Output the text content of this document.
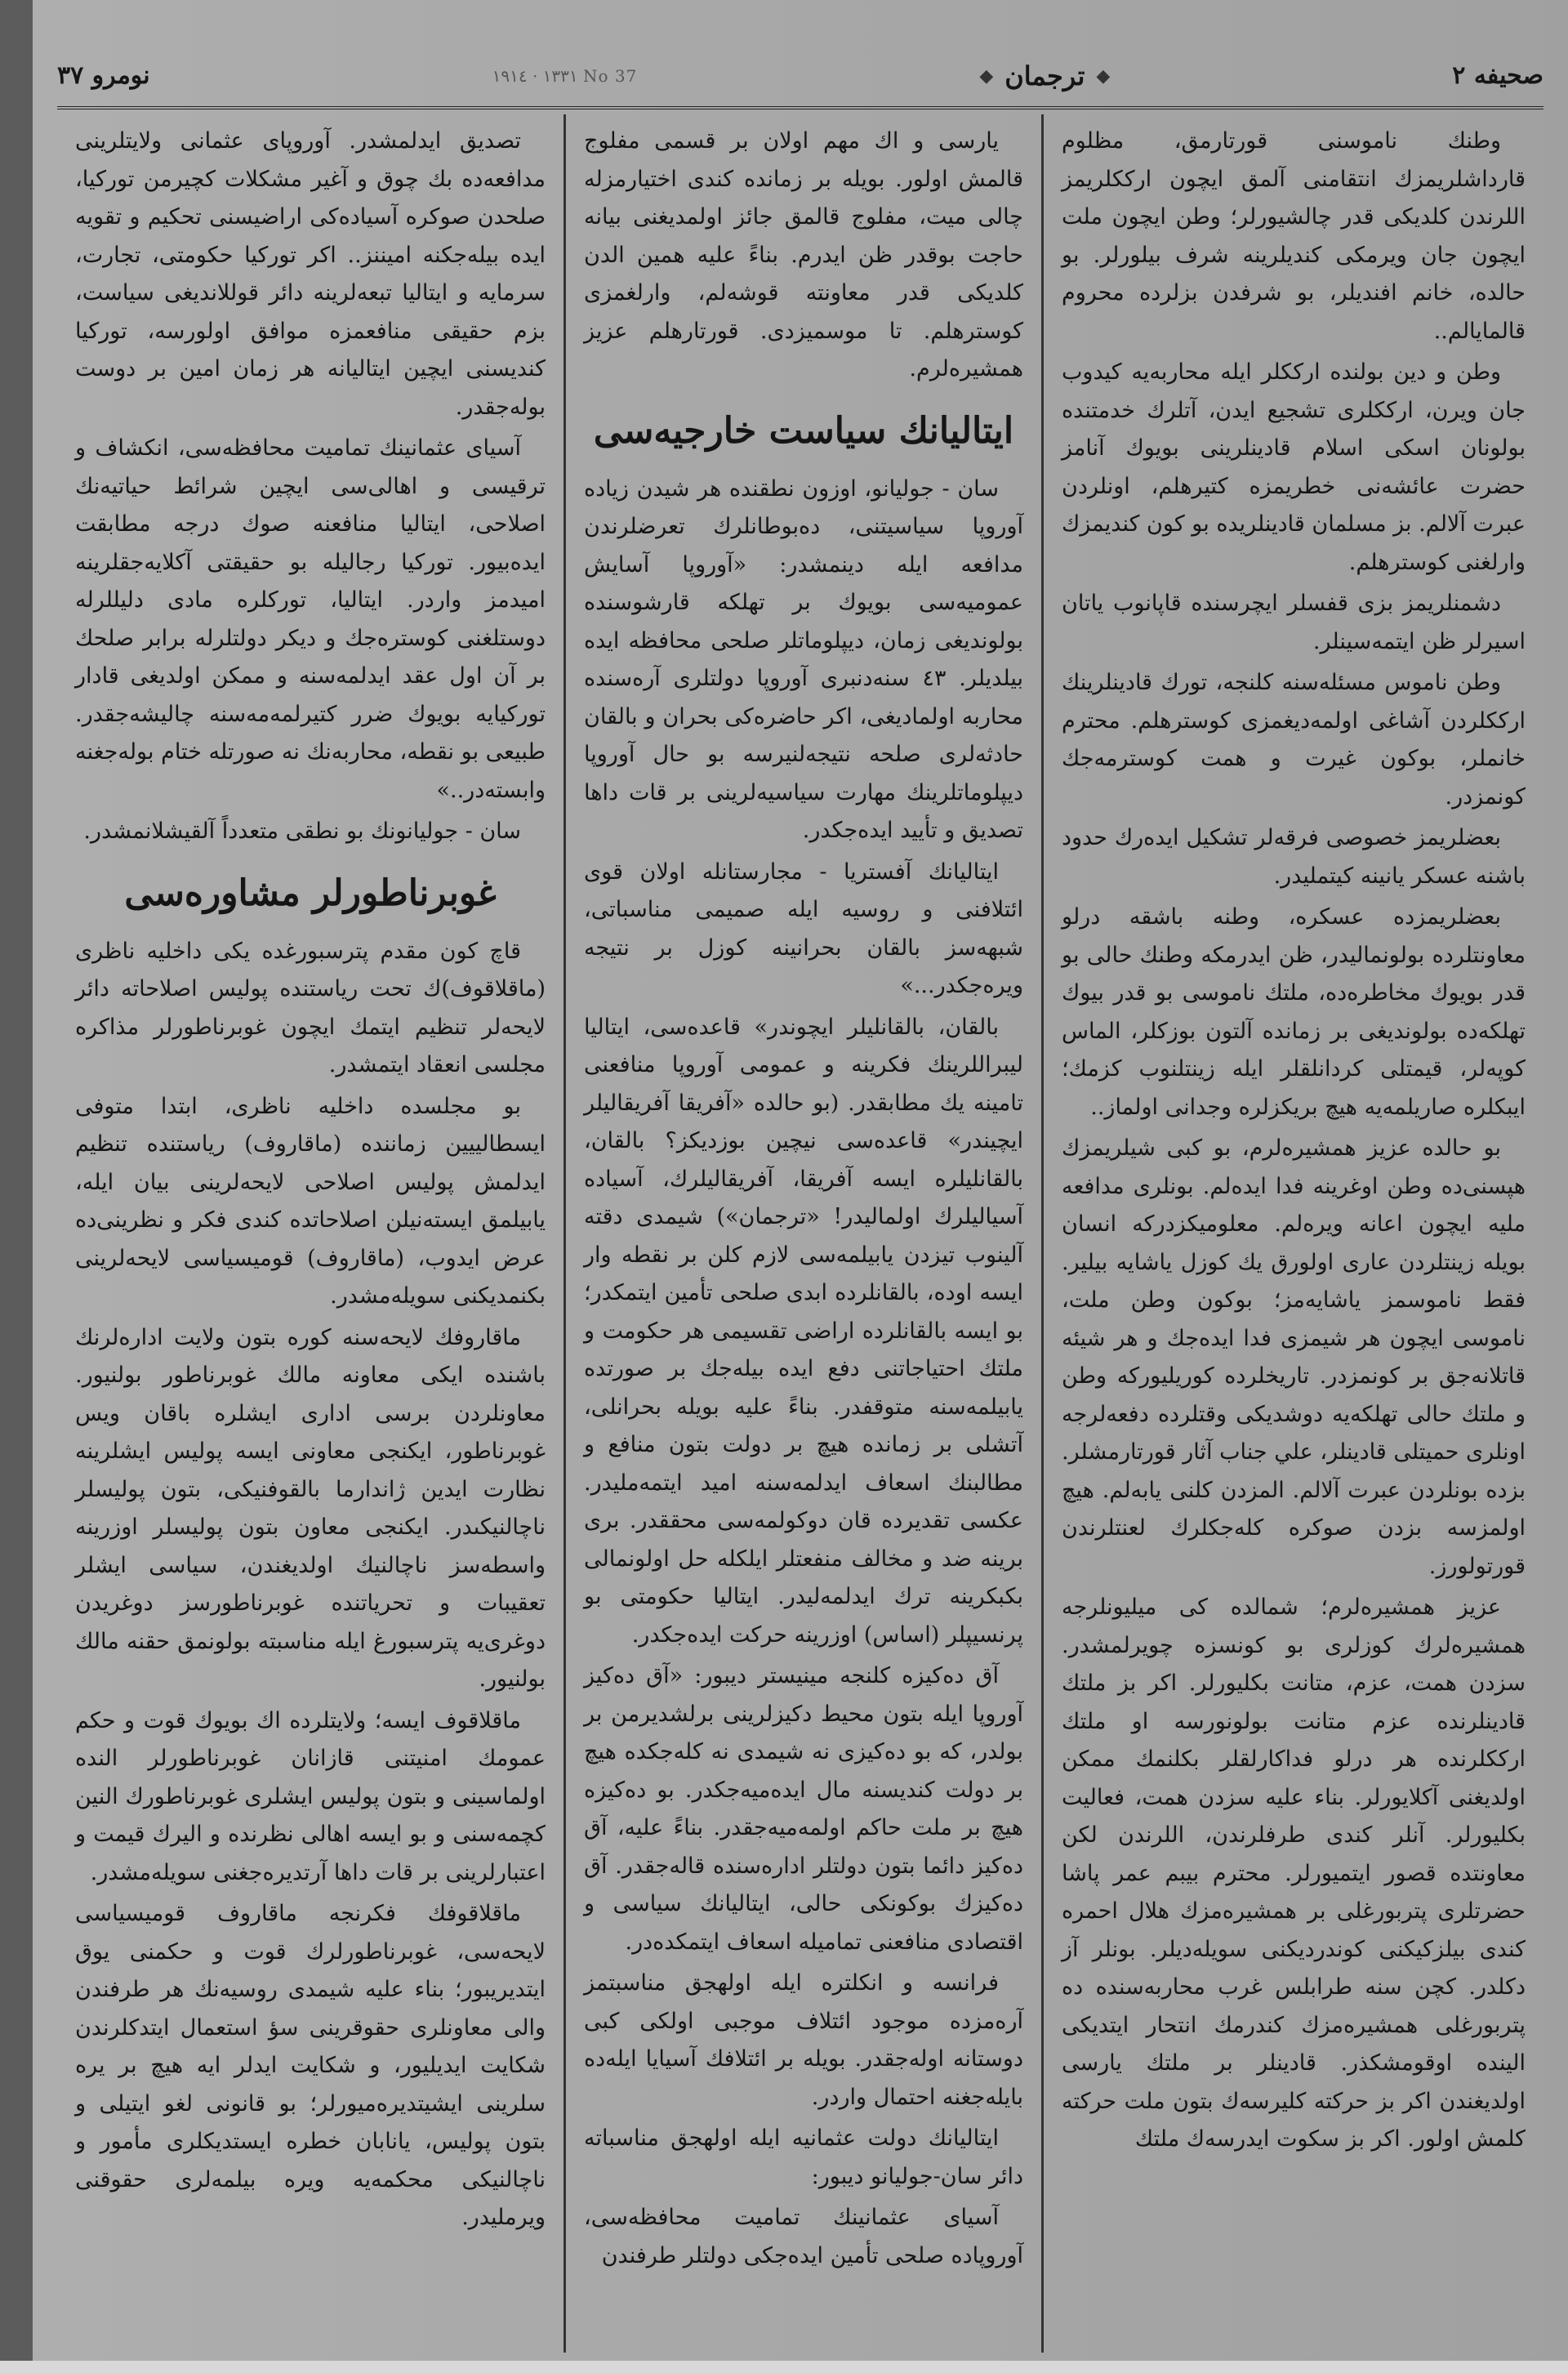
نومرو ٣٧	١٣٣١ · ١٩١٤ No 37	◆ ترجمان ◆	صحيفه ٢

وطنك ناموسنى قورتارمق، مظلوم قارداشلريمزك انتقامنى آلمق ايچون ارككلريمز اللرندن كلديكى قدر چالشيورلر؛ وطن ايچون ملت ايچون جان ويرمكى كنديلرينه شرف بيلورلر. بو حالده، خانم افنديلر، بو شرفدن بزلرده محروم قالمايالم..

وطن و دين بولنده ارككلر ايله محاربه‌يه كيدوب جان ويرن، ارككلرى تشجيع ايدن، آتلرك خدمتنده بولونان اسكى اسلام قادينلرينى بويوك آنامز حضرت عائشه‌نى خطريمزه كتيرهلم، اونلردن عبرت آلالم. بز مسلمان قادينلريده بو كون كنديمزك وارلغنى كوسترهلم.

دشمنلريمز بزى قفسلر ايچرسنده قاپانوب ياتان اسيرلر ظن ايتمه‌سينلر.

وطن ناموس مسئله‌سنه كلنجه، تورك قادينلرينك ارككلردن آشاغى اولمه‌ديغمزى كوسترهلم. محترم خانملر، بوكون غيرت و همت كوسترمه‌جك كونمزدر.

بعضلريمز خصوصى فرقه‌لر تشكيل ايده‌رك حدود باشنه عسكر يانينه كيتمليدر.

بعضلريمزده عسكره، وطنه باشقه درلو معاونتلرده بولونماليدر، ظن ايدرمكه وطنك حالى بو قدر بويوك مخاطره‌ده، ملتك ناموسى بو قدر بيوك تهلكه‌ده بولونديغى بر زمانده آلتون بوزكلر، الماس كوپه‌لر، قيمتلى كردانلقلر ايله زينتلنوب كزمك؛ ايبكلره صاريلمه‌يه هيچ بريكزلره وجدانى اولماز..

بو حالده عزيز همشيره‌لرم، بو كبى شيلريمزك هپسنى‌ده وطن اوغرينه فدا ايده‌لم. بونلرى مدافعه مليه ايچون اعانه ويره‌لم. معلوميكزدركه انسان بويله زينتلردن عارى اولورق يك كوزل ياشايه بيلير. فقط ناموسمز ياشايه‌مز؛ بوكون وطن ملت، ناموسى ايچون هر شيمزى فدا ايده‌جك و هر شيئه قاتلانه‌جق بر كونمزدر. تاريخلرده كوريليوركه وطن و ملتك حالى تهلكه‌يه دوشديكى وقتلرده دفعه‌لرجه اونلرى حميتلى قادينلر، علي جناب آثار قورتارمشلر. بزده بونلردن عبرت آلالم. المزدن كلنى يابه‌لم. هيچ اولمزسه بزدن صوكره كله‌جكلرك لعنتلرندن قورتولورز.

عزيز همشيره‌لرم؛ شمالده كى ميليونلرجه همشيره‌لرك كوزلرى بو كونسزه چويرلمشدر. سزدن همت، عزم، متانت بكليورلر. اكر بز ملتك قادينلرنده عزم متانت بولونورسه او ملتك ارككلرنده هر درلو فداكارلقلر بكلنمك ممكن اولديغنى آكلايورلر. بناء عليه سزدن همت، فعاليت بكليورلر. آنلر كندى طرفلرندن، اللرندن لكن معاونتده قصور ايتميورلر. محترم بيبم عمر پاشا حضرتلرى پتربورغلى بر همشيره‌مزك هلال احمره كندى بيلزكيكنى كوندرديكنى سويله‌ديلر. بونلر آز دكلدر. كچن سنه طرابلس غرب محاربه‌سنده ده پتربورغلى همشيره‌مزك كندرمك انتحار ايتديكى الينده اوقومشكذر. قادينلر بر ملتك يارسى اولديغندن اكر بز حركته كليرسه‌ك بتون ملت حركته كلمش اولور. اكر بز سكوت ايدرسه‌ك ملتك

يارسى و اك مهم اولان بر قسمى مفلوج قالمش اولور. بويله بر زمانده كندى اختيارمزله چالى ميت، مفلوج قالمق جائز اولمديغنى بيانه حاجت بوقدر ظن ايدرم. بناءً عليه همين الدن كلديكى قدر معاونته قوشه‌لم، وارلغمزى كوسترهلم. تا موسميزدى. قورتارهلم عزيز همشيره‌لرم.

ايتاليانك سياست خارجيه‌سى

سان - جوليانو، اوزون نطقنده هر شيدن زياده آوروپا سياسيتنى، ده‌بوطانلرك تعرضلرندن مدافعه ايله دينمشدر: «آوروپا آسايش عموميه‌سى بويوك بر تهلكه قارشوسنده بولونديغى زمان، ديپلوماتلر صلحى محافظه ايده بيلديلر. ٤٣ سنه‌دنبرى آوروپا دولتلرى آره‌سنده محاربه اولماديغى، اكر حاضره‌كى بحران و بالقان حادثه‌لرى صلحه نتيجه‌لنيرسه بو حال آوروپا ديپلوماتلرينك مهارت سياسيه‌لرينى بر قات داها تصديق و تأييد ايده‌جكدر.

ايتاليانك آفستريا - مجارستانله اولان قوى ائتلافنى و روسيه ايله صميمى مناسباتى، شبهه‌سز بالقان بحرانينه كوزل بر نتيجه ويره‌جكدر...»

بالقان، بالقانليلر ايچوندر» قاعده‌سى، ايتاليا ليبراللرينك فكرينه و عمومى آوروپا منافعنى تامينه يك مطابقدر. (بو حالده «آفريقا آفريقاليلر ايچيندر» قاعده‌سى نيچين بوزديكز؟ بالقان، بالقانليلره ايسه آفريقا، آفريقاليلرك، آسياده آسياليلرك اولماليدر! «ترجمان») شيمدى دقته آلينوب تيزدن يابيلمه‌سى لازم كلن بر نقطه وار ايسه اوده، بالقانلرده ابدى صلحى تأمين ايتمكدر؛ بو ايسه بالقانلرده اراضى تقسيمى هر حكومت و ملتك احتياجاتنى دفع ايده بيله‌جك بر صورتده يابيلمه‌سنه متوقفدر. بناءً عليه بويله بحرانلى، آتشلى بر زمانده هيچ بر دولت بتون منافع و مطالبنك اسعاف ايدلمه‌سنه اميد ايتمه‌مليدر. عكسى تقديرده قان دوكولمه‌سى محققدر. برى برينه ضد و مخالف منفعتلر ايلكله حل اولونمالى بكبكرينه ترك ايدلمه‌ليدر. ايتاليا حكومتى بو پرنسيپلر (اساس) اوزرينه حركت ايده‌جكدر.

آق ده‌كيزه كلنجه مينيستر ديبور: «آق ده‌كيز آوروپا ايله بتون محيط دكيزلرينى برلشديرمن بر بولدر، كه بو ده‌كيزى نه شيمدى نه كله‌جكده هيچ بر دولت كنديسنه مال ايده‌ميه‌جكدر. بو ده‌كيزه هيچ بر ملت حاكم اولمه‌ميه‌جقدر. بناءً عليه، آق ده‌كيز دائما بتون دولتلر اداره‌سنده قاله‌جقدر. آق ده‌كيزك بوكونكى حالى، ايتاليانك سياسى و اقتصادى منافعنى تماميله اسعاف ايتمكده‌در.

فرانسه و انكلتره ايله اولهجق مناسبتمز آره‌مزده موجود ائتلاف موجبى اولكى كبى دوستانه اوله‌جقدر. بويله بر ائتلافك آسيايا ايله‌ده بايله‌جغنه احتمال واردر.

ايتاليانك دولت عثمانيه ايله اولهجق مناسباته دائر سان-جوليانو ديبور:

آسياى عثمانينك تماميت محافظه‌سى، آوروپاده صلحى تأمين ايده‌جكى دولتلر طرفندن

تصديق ايدلمشدر. آوروپاى عثمانى ولايتلرينى مدافعه‌ده بك چوق و آغير مشكلات كچيرمن توركيا، صلحدن صوكره آسياده‌كى اراضيسنى تحكيم و تقويه ايده بيله‌جكنه اميننز.. اكر توركيا حكومتى، تجارت، سرمايه و ايتاليا تبعه‌لرينه دائر قوللانديغى سياست، بزم حقيقى منافعمزه موافق اولورسه، توركيا كنديسنى ايچين ايتاليانه هر زمان امين بر دوست بوله‌جقدر.

آسياى عثمانينك تماميت محافظه‌سى، انكشاف و ترقيسى و اهالى‌سى ايچين شرائط حياتيه‌نك اصلاحى، ايتاليا منافعنه صوك درجه مطابقت ايده‌بيور. توركيا رجاليله بو حقيقتى آكلايه‌جقلرينه اميدمز واردر. ايتاليا، توركلره مادى دليللرله دوستلغنى كوستره‌جك و ديكر دولتلرله برابر صلحك بر آن اول عقد ايدلمه‌سنه و ممكن اولديغى قادار توركيايه بويوك ضرر كتيرلمه‌مه‌سنه چاليشه‌جقدر. طبيعى بو نقطه، محاربه‌نك نه صورتله ختام بوله‌جغنه وابسته‌در..»

سان - جوليانونك بو نطقى متعدداً آلقيشلانمشدر.

غوبرناطورلر مشاوره‌سى

قاچ كون مقدم پترسبورغده يكى داخليه ناظرى (ماقلاقوف)ك تحت رياستنده پوليس اصلاحاته دائر لايحه‌لر تنظيم ايتمك ايچون غوبرناطورلر مذاكره مجلسى انعقاد ايتمشدر.

بو مجلسده داخليه ناظرى، ابتدا متوفى ايسطالييين زماننده (ماقاروف) رياستنده تنظيم ايدلمش پوليس اصلاحى لايحه‌لرينى بيان ايله، يابيلمق ايسته‌نيلن اصلاحاتده كندى فكر و نظرينى‌ده عرض ايدوب، (ماقاروف) قوميسياسى لايحه‌لرينى بكنمديكنى سويله‌مشدر.

ماقاروفك لايحه‌سنه كوره بتون ولايت اداره‌لرنك باشنده ايكى معاونه مالك غوبرناطور بولنيور. معاونلردن برسى ادارى ايشلره باقان ويس غوبرناطور، ايكنجى معاونى ايسه پوليس ايشلرينه نظارت ايدين ژاندارما بالقوفنيكى، بتون پوليسلر ناچالنيكىدر. ايكنجى معاون بتون پوليسلر اوزرينه واسطه‌سز ناچالنيك اولديغندن، سياسى ايشلر تعقيبات و تحرياتنده غوبرناطورسز دوغريدن دوغرى‌يه پترسبورغ ايله مناسبته بولونمق حقنه مالك بولنيور.

ماقلاقوف ايسه؛ ولايتلرده اك بويوك قوت و حكم عمومك امنيتنى قازانان غوبرناطورلر النده اولماسينى و بتون پوليس ايشلرى غوبرناطورك النين كچمه‌سنى و بو ايسه اهالى نظرنده و اليرك قيمت و اعتبارلرينى بر قات داها آرتديره‌جغنى سويله‌مشدر.

ماقلاقوفك فكرنجه ماقاروف قوميسياسى لايحه‌سى، غوبرناطورلرك قوت و حكمنى يوق ايتديريبور؛ بناء عليه شيمدى روسيه‌نك هر طرفندن والى معاونلرى حقوقرينى سؤ استعمال ايتدكلرندن شكايت ايديليور، و شكايت ايدلر ايه هيچ بر يره سلرينى ايشيتديره‌ميورلر؛ بو قانونى لغو ايتيلى و بتون پوليس، يانابان خطره ايستديكلرى مأمور و ناچالنيكى محكمه‌يه ويره بيلمه‌لرى حقوقنى ويرمليدر.
